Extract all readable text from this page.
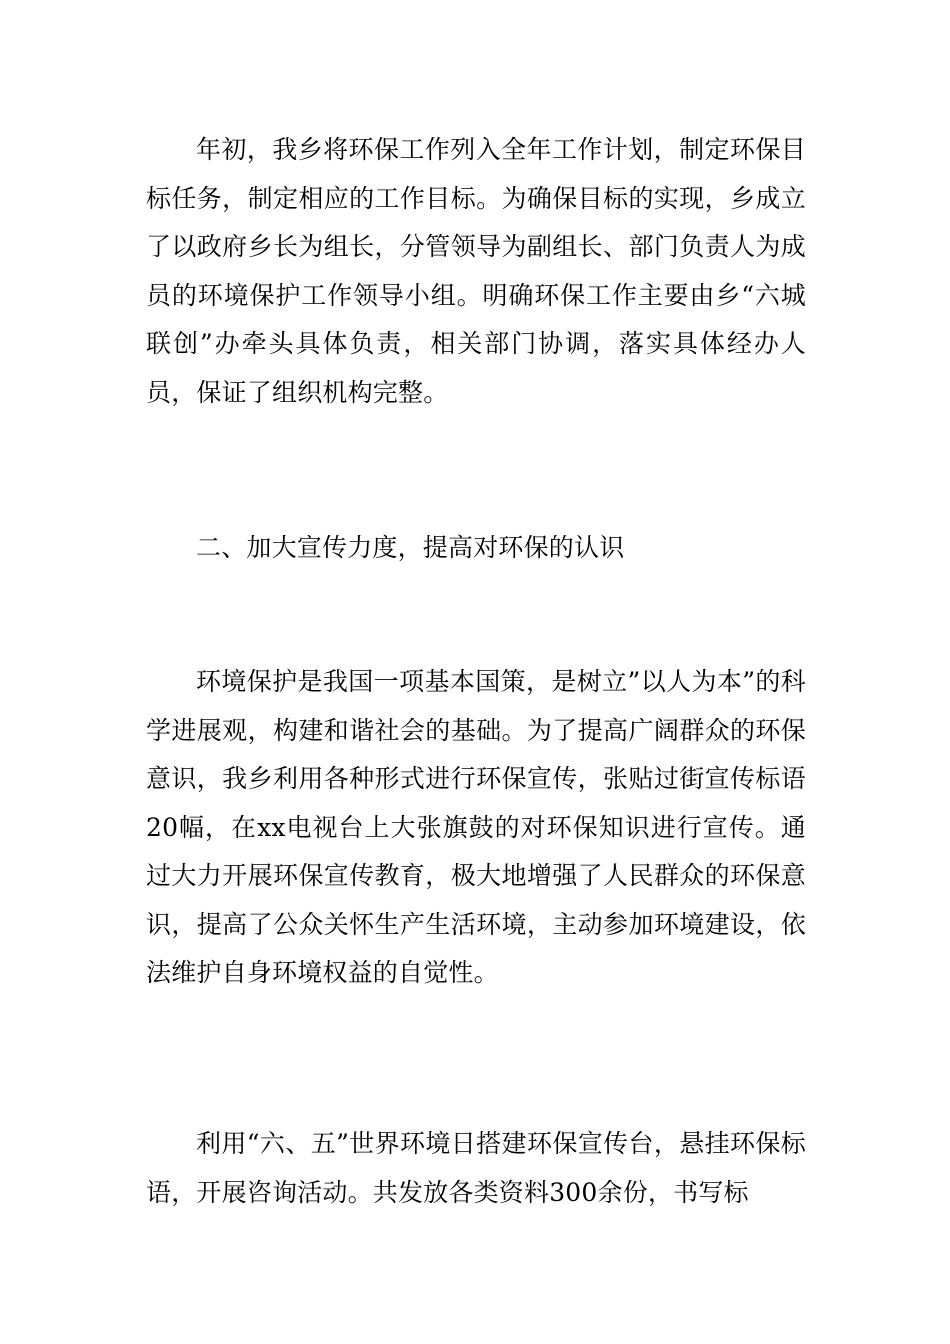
年初，我乡将环保工作列入全年工作计划，制定环保目标任务，制定相应的工作目标。为确保目标的实现，乡成立了以政府乡长为组长，分管领导为副组长、部门负责人为成员的环境保护工作领导小组。明确环保工作主要由乡“六城联创”办牵头具体负责，相关部门协调，落实具体经办人员，保证了组织机构完整。

二、加大宣传力度，提高对环保的认识

环境保护是我国一项基本国策，是树立”以人为本”的科学进展观，构建和谐社会的基础。为了提高广阔群众的环保意识，我乡利用各种形式进行环保宣传，张贴过街宣传标语20幅，在xx电视台上大张旗鼓的对环保知识进行宣传。通过大力开展环保宣传教育，极大地增强了人民群众的环保意识，提高了公众关怀生产生活环境，主动参加环境建设，依法维护自身环境权益的自觉性。

利用“六、五”世界环境日搭建环保宣传台，悬挂环保标语，开展咨询活动。共发放各类资料300余份，书写标
